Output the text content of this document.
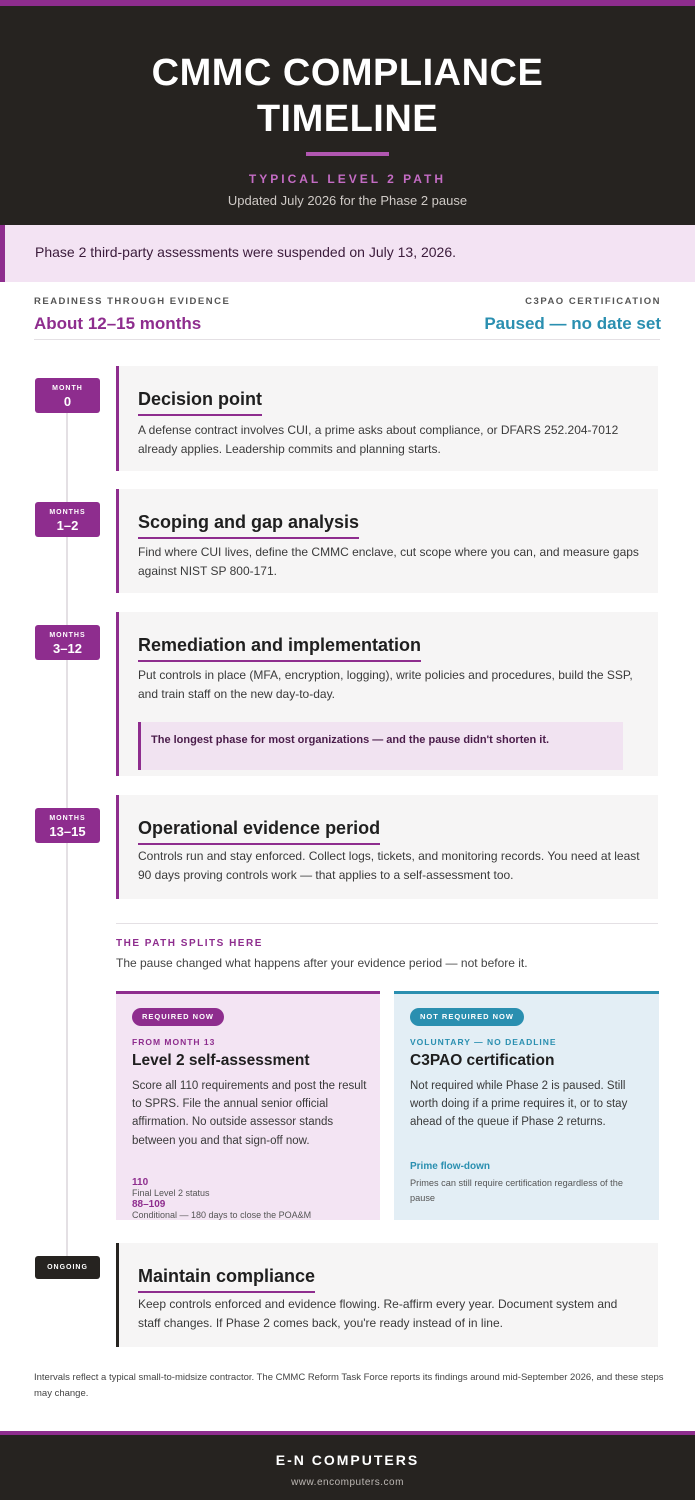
CMMC COMPLIANCE
TIMELINE
TYPICAL LEVEL 2 PATH
Updated July 2026 for the Phase 2 pause
Phase 2 third-party assessments were suspended on July 13, 2026.
READINESS THROUGH EVIDENCE
About 12–15 months
C3PAO CERTIFICATION
Paused — no date set
MONTH
0	Decision point

A defense contract involves CUI, a prime asks about compliance, or DFARS 252.204-7012 already applies. Leadership commits and planning starts.

MONTHS
1–2	Scoping and gap analysis

Find where CUI lives, define the CMMC enclave, cut scope where you can, and measure gaps against NIST SP 800-171.

MONTHS
3–12	Remediation and implementation

Put controls in place (MFA, encryption, logging), write policies and procedures, build the SSP, and train staff on the new day-to-day.

The longest phase for most organizations — and the pause didn't shorten it.
MONTHS
13–15	Operational evidence period

Controls run and stay enforced. Collect logs, tickets, and monitoring records. You need at least 90 days proving controls work — that applies to a self-assessment too.

THE PATH SPLITS HERE
The pause changed what happens after your evidence period — not before it.
REQUIRED NOW
FROM MONTH 13
Level 2 self-assessment

Score all 110 requirements and post the result to SPRS. File the annual senior official affirmation. No outside assessor stands between you and that sign-off now.

110
Final Level 2 status
88–109
Conditional — 180 days to close the POA&M
NOT REQUIRED NOW
VOLUNTARY — NO DEADLINE
C3PAO certification

Not required while Phase 2 is paused. Still worth doing if a prime requires it, or to stay ahead of the queue if Phase 2 returns.

Prime flow-down
Primes can still require certification regardless of the pause
ONGOING	Maintain compliance

Keep controls enforced and evidence flowing. Re-affirm every year. Document system and staff changes. If Phase 2 comes back, you're ready instead of in line.

Intervals reflect a typical small-to-midsize contractor. The CMMC Reform Task Force reports its findings around mid-September 2026, and these steps may change.
E-N COMPUTERS
www.encomputers.com
